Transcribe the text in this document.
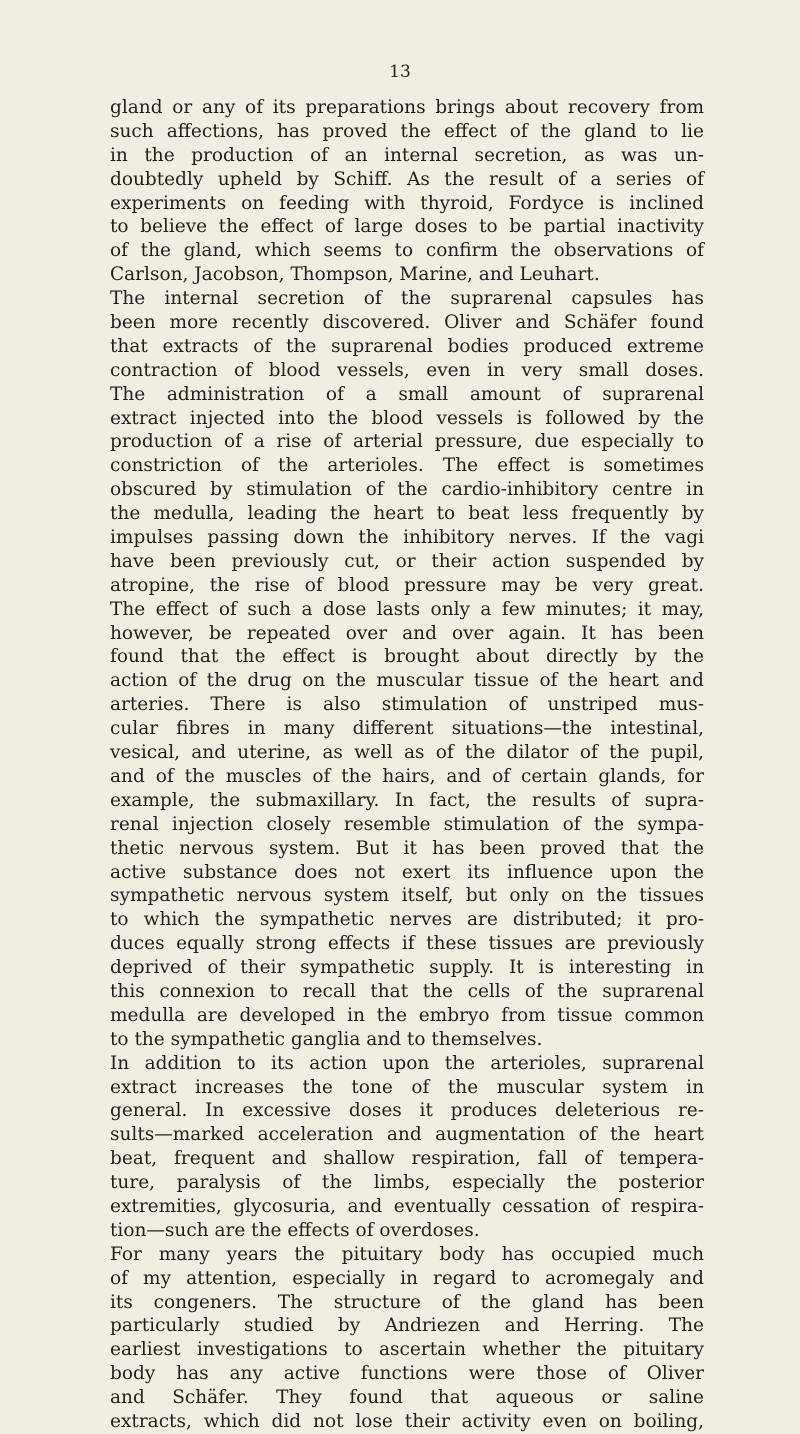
13
gland or any of its preparations brings about recovery from
such affections, has proved the effect of the gland to lie
in the production of an internal secretion, as was un-
doubtedly upheld by Schiff. As the result of a series of
experiments on feeding with thyroid, Fordyce is inclined
to believe the effect of large doses to be partial inactivity
of the gland, which seems to confirm the observations of
Carlson, Jacobson, Thompson, Marine, and Leuhart.
The internal secretion of the suprarenal capsules has
been more recently discovered. Oliver and Schäfer found
that extracts of the suprarenal bodies produced extreme
contraction of blood vessels, even in very small doses.
The administration of a small amount of suprarenal
extract injected into the blood vessels is followed by the
production of a rise of arterial pressure, due especially to
constriction of the arterioles. The effect is sometimes
obscured by stimulation of the cardio-inhibitory centre in
the medulla, leading the heart to beat less frequently by
impulses passing down the inhibitory nerves. If the vagi
have been previously cut, or their action suspended by
atropine, the rise of blood pressure may be very great.
The effect of such a dose lasts only a few minutes; it may,
however, be repeated over and over again. It has been
found that the effect is brought about directly by the
action of the drug on the muscular tissue of the heart and
arteries. There is also stimulation of unstriped mus-
cular fibres in many different situations—the intestinal,
vesical, and uterine, as well as of the dilator of the pupil,
and of the muscles of the hairs, and of certain glands, for
example, the submaxillary. In fact, the results of supra-
renal injection closely resemble stimulation of the sympa-
thetic nervous system. But it has been proved that the
active substance does not exert its influence upon the
sympathetic nervous system itself, but only on the tissues
to which the sympathetic nerves are distributed; it pro-
duces equally strong effects if these tissues are previously
deprived of their sympathetic supply. It is interesting in
this connexion to recall that the cells of the suprarenal
medulla are developed in the embryo from tissue common
to the sympathetic ganglia and to themselves.
In addition to its action upon the arterioles, suprarenal
extract increases the tone of the muscular system in
general. In excessive doses it produces deleterious re-
sults—marked acceleration and augmentation of the heart
beat, frequent and shallow respiration, fall of tempera-
ture, paralysis of the limbs, especially the posterior
extremities, glycosuria, and eventually cessation of respira-
tion—such are the effects of overdoses.
For many years the pituitary body has occupied much
of my attention, especially in regard to acromegaly and
its congeners. The structure of the gland has been
particularly studied by Andriezen and Herring. The
earliest investigations to ascertain whether the pituitary
body has any active functions were those of Oliver
and Schäfer. They found that aqueous or saline
extracts, which did not lose their activity even on boiling,
